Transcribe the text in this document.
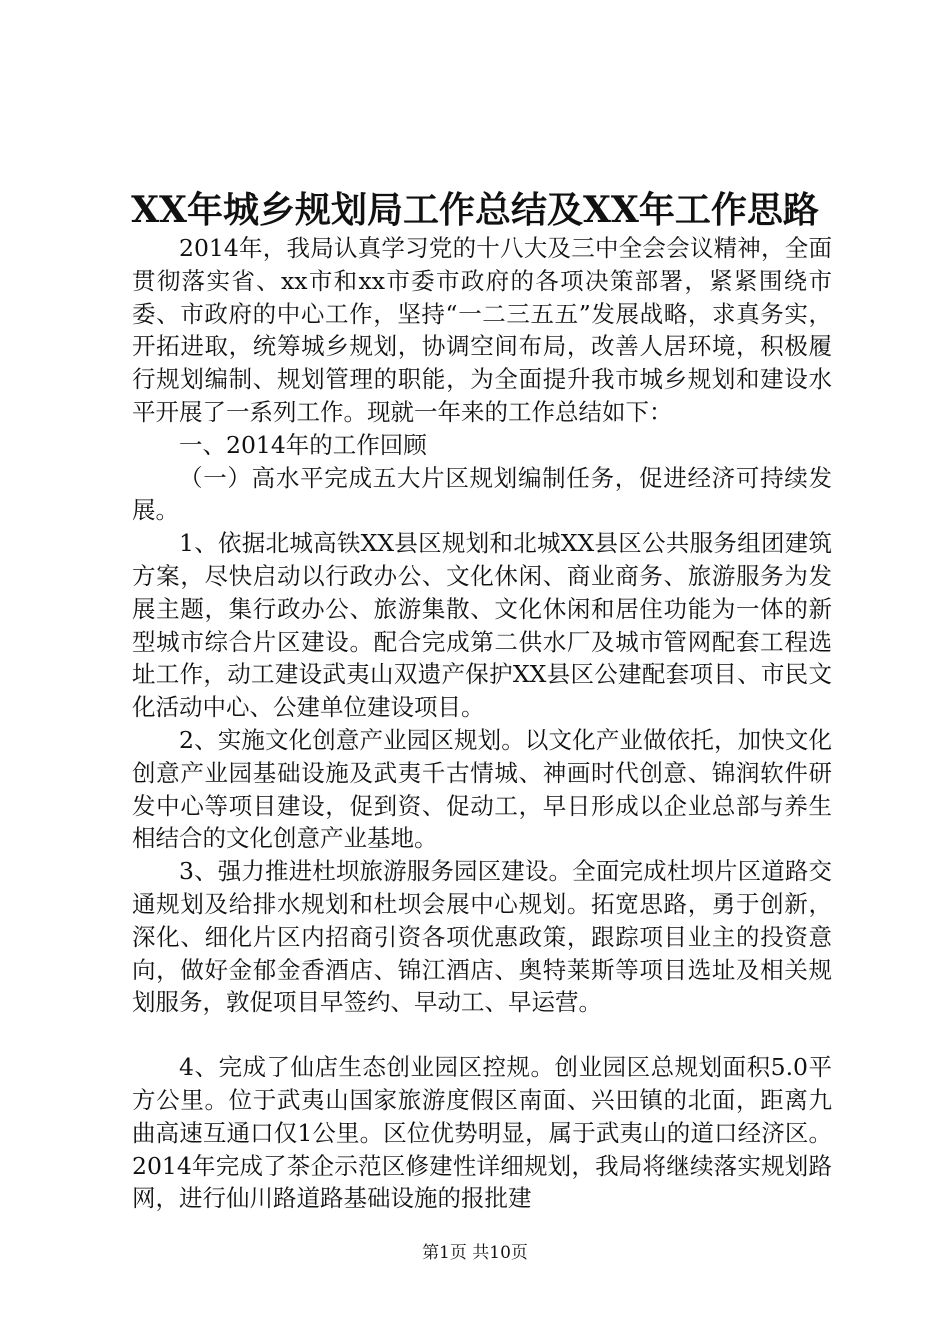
XX年城乡规划局工作总结及XX年工作思路

2014年，我局认真学习党的十八大及三中全会会议精神，全面贯彻落实省、xx市和xx市委市政府的各项决策部署，紧紧围绕市委、市政府的中心工作，坚持“一二三五五”发展战略，求真务实，开拓进取，统筹城乡规划，协调空间布局，改善人居环境，积极履行规划编制、规划管理的职能，为全面提升我市城乡规划和建设水平开展了一系列工作。现就一年来的工作总结如下：

一、2014年的工作回顾

（一）高水平完成五大片区规划编制任务，促进经济可持续发展。

1、依据北城高铁XX县区规划和北城XX县区公共服务组团建筑方案，尽快启动以行政办公、文化休闲、商业商务、旅游服务为发展主题，集行政办公、旅游集散、文化休闲和居住功能为一体的新型城市综合片区建设。配合完成第二供水厂及城市管网配套工程选址工作，动工建设武夷山双遗产保护XX县区公建配套项目、市民文化活动中心、公建单位建设项目。

2、实施文化创意产业园区规划。以文化产业做依托，加快文化创意产业园基础设施及武夷千古情城、神画时代创意、锦润软件研发中心等项目建设，促到资、促动工，早日形成以企业总部与养生相结合的文化创意产业基地。

3、强力推进杜坝旅游服务园区建设。全面完成杜坝片区道路交通规划及给排水规划和杜坝会展中心规划。拓宽思路，勇于创新，深化、细化片区内招商引资各项优惠政策，跟踪项目业主的投资意向，做好金郁金香酒店、锦江酒店、奥特莱斯等项目选址及相关规划服务，敦促项目早签约、早动工、早运营。

4、完成了仙店生态创业园区控规。创业园区总规划面积5.0平方公里。位于武夷山国家旅游度假区南面、兴田镇的北面，距离九曲高速互通口仅1公里。区位优势明显，属于武夷山的道口经济区。2014年完成了茶企示范区修建性详细规划，我局将继续落实规划路网，进行仙川路道路基础设施的报批建

第1页 共10页
